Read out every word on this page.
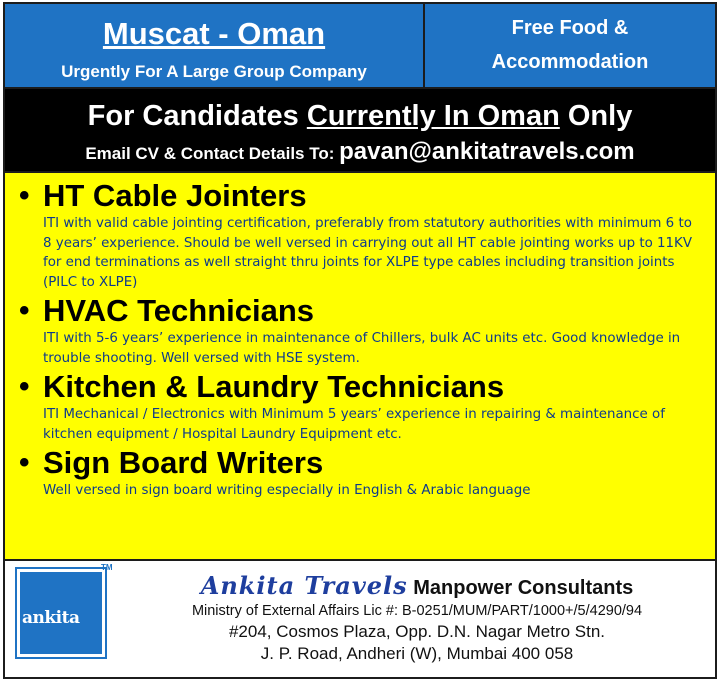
Muscat - Oman
Urgently For A Large Group Company
Free Food &
Accommodation
For Candidates Currently In Oman Only
Email CV & Contact Details To: pavan@ankitatravels.com
• HT Cable Jointers
ITI with valid cable jointing certification, preferably from statutory authorities with minimum 6 to 8 years’ experience. Should be well versed in carrying out all HT cable jointing works up to 11KV for end terminations as well straight thru joints for XLPE type cables including transition joints (PILC to XLPE)
• HVAC Technicians
ITI with 5-6 years’ experience in maintenance of Chillers, bulk AC units etc. Good knowledge in trouble shooting. Well versed with HSE system.
• Kitchen & Laundry Technicians
ITI Mechanical / Electronics with Minimum 5 years’ experience in repairing & maintenance of kitchen equipment / Hospital Laundry Equipment etc.
• Sign Board Writers
Well versed in sign board writing especially in English & Arabic language
ankita
TM
Ankita Travels Manpower Consultants
Ministry of External Affairs Lic #: B-0251/MUM/PART/1000+/5/4290/94
#204, Cosmos Plaza, Opp. D.N. Nagar Metro Stn.
J. P. Road, Andheri (W), Mumbai 400 058
